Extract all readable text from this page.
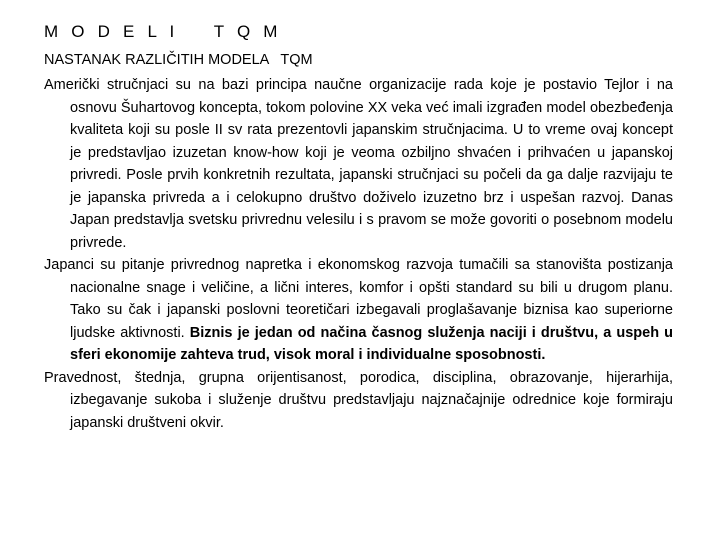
M O D E L I    T Q M
NASTANAK RAZLIČITIH MODELA   TQM

Američki stručnjaci su na bazi principa naučne organizacije rada koje je postavio Tejlor i na osnovu Šuhartovog koncepta, tokom polovine XX veka već imali izgrađen model obezbeđenja kvaliteta koji su posle II sv rata prezentovli japanskim stručnjacima. U to vreme ovaj koncept je predstavljao izuzetan know-how koji je veoma ozbiljno shvaćen i prihvaćen u japanskoj privredi. Posle prvih konkretnih rezultata, japanski stručnjaci su počeli da ga dalje razvijaju te je japanska privreda a i celokupno društvo doživelo izuzetno brz i uspešan razvoj. Danas Japan predstavlja svetsku privrednu velesilu i s pravom se može govoriti o posebnom modelu privrede.

Japanci su pitanje privrednog napretka i ekonomskog razvoja tumačili sa stanovišta postizanja nacionalne snage i veličine, a lični interes, komfor i opšti standard su bili u drugom planu. Tako su čak i japanski poslovni teoretičari izbegavali proglašavanje biznisa kao superiorne ljudske aktivnosti. Biznis je jedan od načina časnog služenja naciji i društvu, a uspeh u sferi ekonomije zahteva trud, visok moral i individualne sposobnosti.

Pravednost, štednja, grupna orijentisanost, porodica, disciplina, obrazovanje, hijerarhija, izbegavanje sukoba i služenje društvu predstavljaju najznačajnije odrednice koje formiraju japanski društveni okvir.
